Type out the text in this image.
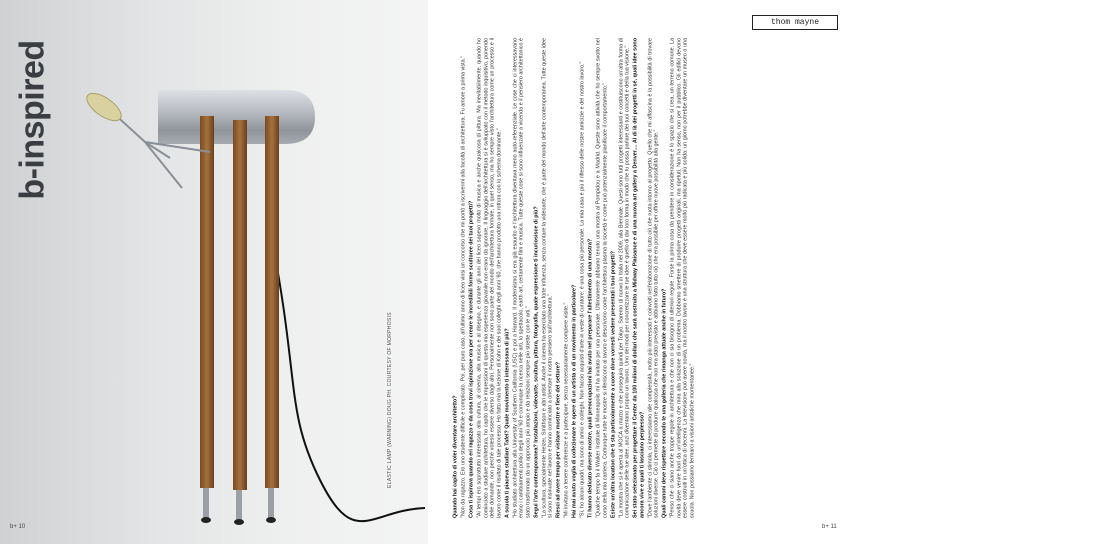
b-inspired
ELASTIC LAMP (WARNING) DOUG PH. COURTESY OF MORPHOSIS
b+ 10
thom mayne

Quando hai capito di voler diventare architetto? "Non da ragazzo. Ero uno studente difficile e complicato. Poi, per puro caso, all'ultimo anno di liceo vinsi un concorso che mi portò a iscrivermi alla facoltà di architettura. Fu amore a prima vista." Cosa ti ispirava quando eri ragazzo e da cosa trovi ispirazione ora per creare le incredibili forme scultoree dei tuoi progetti? "Ai tempi ero soprattutto interessato alla cultura, al cinema, alla musica e al disegno, e durante gli anni del liceo sapevo molto di musica e anche qualcosa di pittura. Ma inevitabilmente, quando ho cominciato a studiare architettura, ho capito che le impressioni di questa mia esperienza giovanile non erano da ignorare. Il linguaggio dell'architettura si è sviluppato con il metodo inquisitivo, ponendo delle domande, non perché volessi essere diverso dagli altri. Personalmente non sono parte del mondo dell'architettura formale, in quel senso, ma ho sempre visto l'architettura come un processo e il lavoro come il risultato di tale processo. Ho fatto mia la lezione di Kahn e dei suoi colleghi degli anni '60, che hanno prodotto una rottura con lo schema dominante." A scuola ti piaceva studiare Tafel? Quale movimento ti interessava di più? "Ho studiato architettura alla University of Southern California (USC) e poi a Harvard. Il modernismo si era già esaurito e l'architettura diventava meno auto-referenziale. Le cose che ci interessavano erano i cambiamenti politici degli anni '60 e comunque la ricerca nelle arti, lo spettacolo, earth art, certamente film e musica. Tutte queste cose si sono influenzate a vicenda e il pensiero architettonico è stato trasformato da un approccio più ampio e da relazioni sempre più strette con le arti." Segui l'arte contemporanea? Installazioni, videoarte, scultura, pittura, fotografia, quale espressione ti incuriosisce di più? "La scultura, specialmente Heizer, Smithson e altri artisti. Anche il cinema ha esercitato una forte influenza, senza contare la videoarte, che è parte del mondo dell'arte contemporanea. Tutte queste idee si sono insinuate nel lavoro e hanno cominciato a orientare il nostro pensiero sull'architettura." Riesci ad avere tempo per visitare mostre e fiere del settore? "Mi invitano a tenere conferenze e a partecipare, senza necessariamente compiere visite." Hai mai avuto voglia di collezionare le opere di un artista o di un movimento in particolare? "Sì, ho alcuni quadri, ma sono di amici e colleghi. Non faccio acquisti d'arte in veste di curatore: è una cosa più personale. La mia casa è più il riflesso delle nostre amicizie e del nostro lavoro." Ti hanno dedicato diverse mostre, quali preoccupazioni hai avuto nel preparare l'allestimento di una mostra? "Qualche tempo fa il Walker Institute di Minneapolis mi ha invitato per una personale. Ultimamente abbiamo tenuto una mostra al Pompidou e a Madrid. Queste sono attività che ho sempre svolto nel corso della mia carriera. Comunque tutte le mostre si riferiscono al lavoro e descrivono come l'architettura plasma la società e come può potenzialmente pianificare il comportamento." Esiste un'altra location che ti sta particolarmente a cuore dove vorresti vedere presentati i tuoi progetti? "La mostra che si è aperta al MOCA a marzo e che proseguirà quindi per Tokyo. Saremo di nuovo in Italia nel 2009, alla Biennale. Questi sono tutti progetti interessanti e costituiscono un'altra forma di comunicazione delle tue idee, anzi diventano proprio un lavoro. Uno dei modi per concretizzare le tue idee è quello di dar loro forma in modo che tu possa parlare dei tuoi concetti e della tua visione." Sei stato selezionato per progettare il Center da 100 milioni di dollari che sarà costruito a Midway Plaisance e di una nuova art gallery a Denver.... Al di là dei progetti in sé, quali idee sono ancora vive e quali ti lasciano perplesso? "Dove l'ambiente ci stimola, ci interessiamo alle complessità, molto più interessati e coinvolti nell'elaborazione di tutto ciò che ruota intorno al progetto. Quello che mi affascina è la possibilità di trovare soluzioni diverse. Ciò ci permette di produrre qualcosa che non era stato previsto e abbiamo fatto tutto ciò che era possibile per offrire nuove possibilità alla gente." Quali canoni deve rispettare secondo te una galleria che rimanga attuale anche in futuro? "Penso che ci siano anche troppe regole in architettura e che non ci sia bisogno di ulteriori regole. Forse la prima cosa da prendere in considerazione è lo spazio che si crea, un terreno comune. La novità deve venire fuori da un'intelligenza che mira alla soluzione di un problema. Dobbiamo smettere di produrre progetti originali, ma ripetuti. Non ha senso, non per il pubblico. Gli edifici devono essere costruiti in un'ottica di decenni. La televisione può avere novità, ma il nostro lavoro è una struttura che deve essere molto più radicata e più solida: un giorno potrebbe diventare un museo o una scuola. Non possiamo fermarci a visioni artistiche momentanee."

b+ 11
